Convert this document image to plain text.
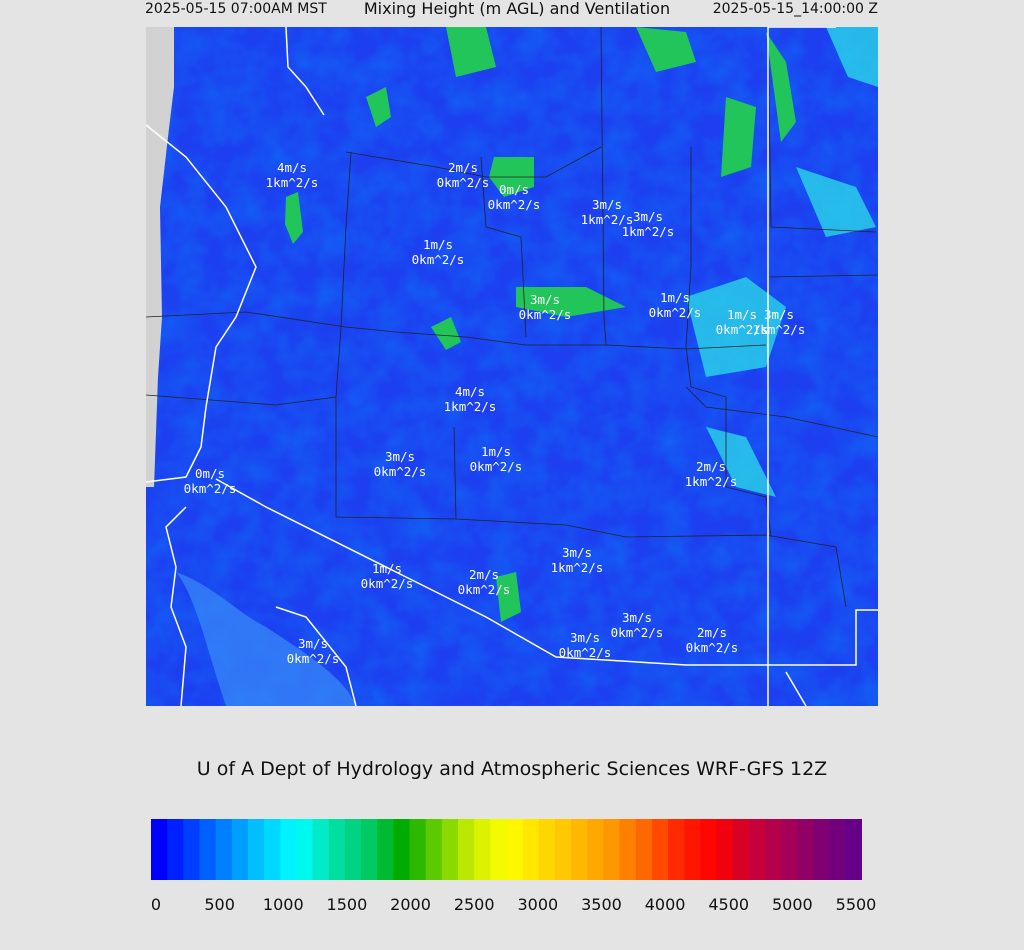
2025-05-15 07:00AM MST	Mixing Height (m AGL) and Ventilation	2025-05-15_14:00:00 Z
4m/s
1km^2/s
2m/s
0km^2/s 0m/s
0km^2/s	3m/s
1km^2/s 3m/s
1km^2/s
1m/s
0km^2/s
3m/s
0km^2/s
1m/s
0km^2/s	1m/s
0km^2/s
3m/s
1km^2/s
4m/s
1km^2/s
3m/s
0km^2/s
1m/s
0km^2/s
0m/s
0km^2/s
2m/s
1km^2/s
3m/s
1km^2/s
1m/s
0km^2/s
2m/s
0km^2/s
3m/s
0km^2/s
3m/s
0km^2/s
2m/s
0km^2/s
3m/s
0km^2/s
U of A Dept of Hydrology and Atmospheric Sciences WRF-GFS 12Z
0	500 1000 1500 2000 2500 3000 3500 4000 4500 5000 5500
